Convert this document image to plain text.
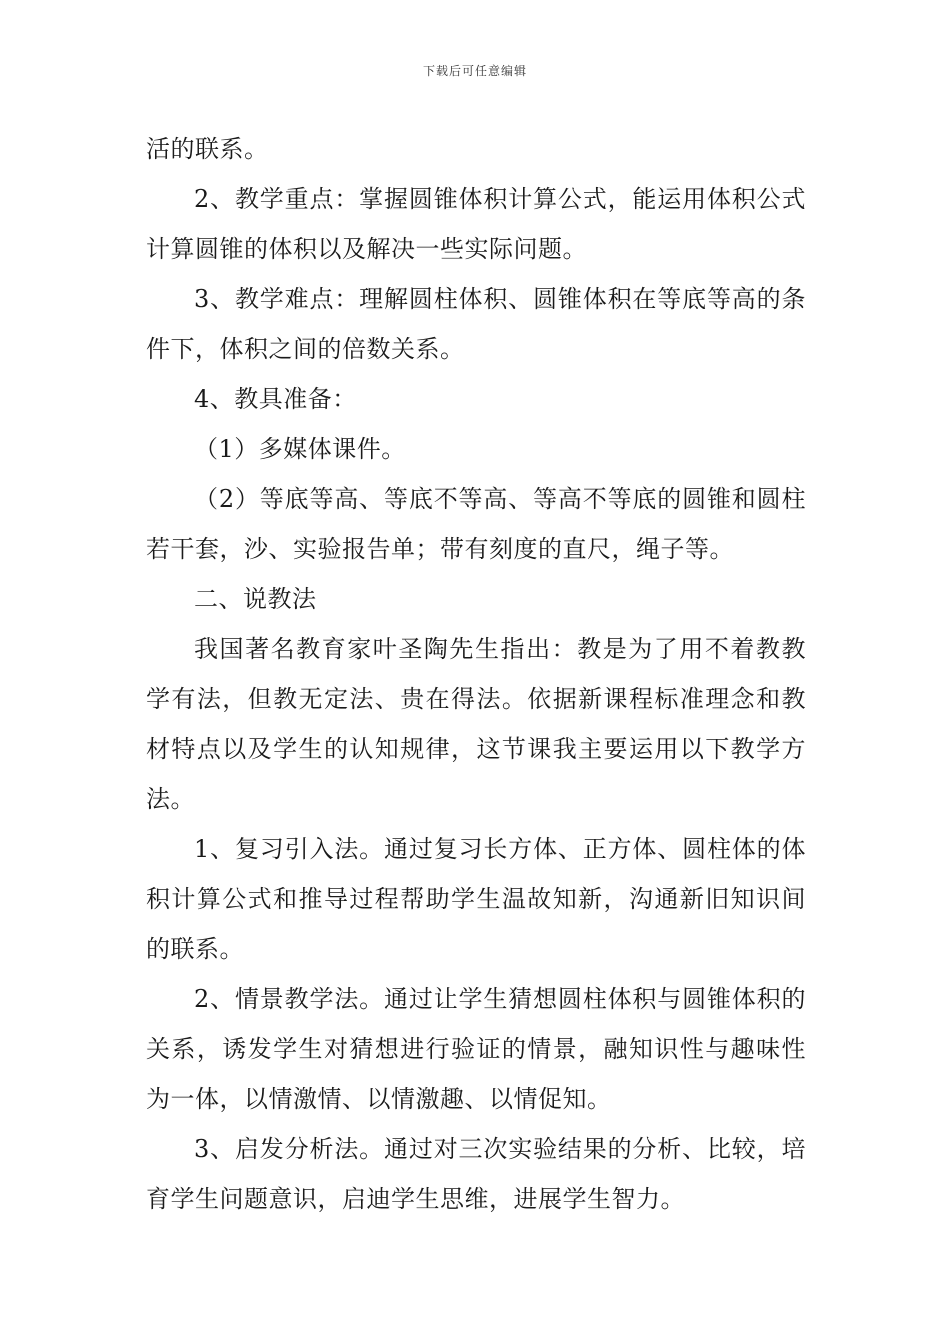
下载后可任意编辑

活的联系。

2、教学重点：掌握圆锥体积计算公式，能运用体积公式计算圆锥的体积以及解决一些实际问题。

3、教学难点：理解圆柱体积、圆锥体积在等底等高的条件下，体积之间的倍数关系。

4、教具准备：

（1）多媒体课件。

（2）等底等高、等底不等高、等高不等底的圆锥和圆柱若干套，沙、实验报告单；带有刻度的直尺，绳子等。

二、说教法

我国著名教育家叶圣陶先生指出：教是为了用不着教教学有法，但教无定法、贵在得法。依据新课程标准理念和教材特点以及学生的认知规律，这节课我主要运用以下教学方法。

1、复习引入法。通过复习长方体、正方体、圆柱体的体积计算公式和推导过程帮助学生温故知新，沟通新旧知识间的联系。

2、情景教学法。通过让学生猜想圆柱体积与圆锥体积的关系，诱发学生对猜想进行验证的情景，融知识性与趣味性为一体，以情激情、以情激趣、以情促知。

3、启发分析法。通过对三次实验结果的分析、比较，培育学生问题意识，启迪学生思维，进展学生智力。
